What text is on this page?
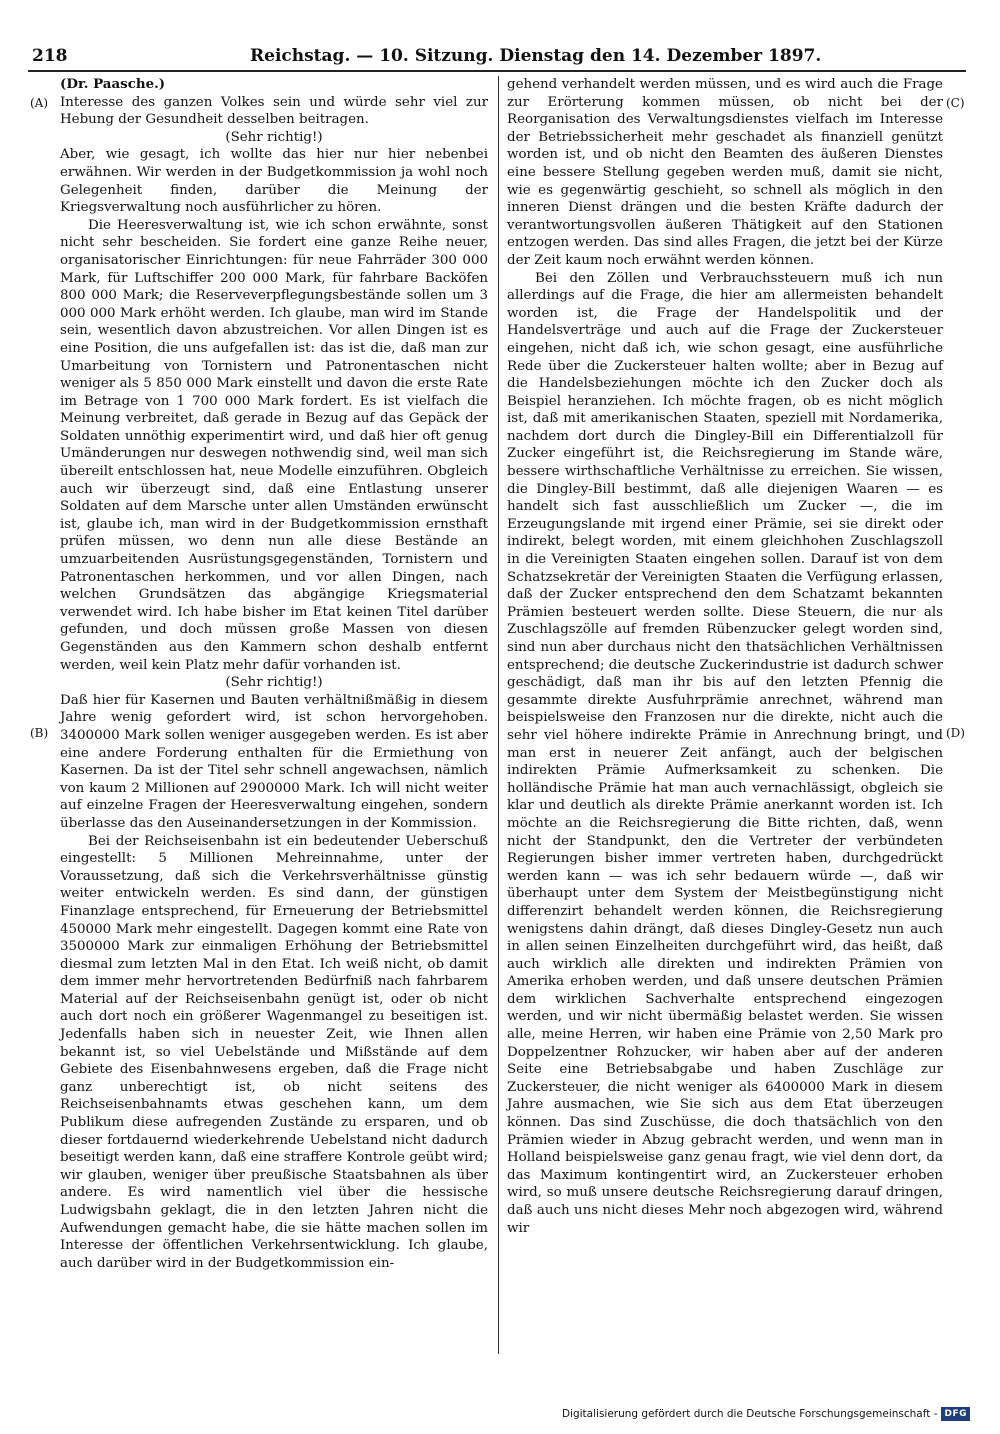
218	Reichstag. — 10. Sitzung. Dienstag den 14. Dezember 1897.
(A)
(B)
(C)
(D)

(Dr. Paasche.)

Interesse des ganzen Volkes sein und würde sehr viel zur Hebung der Gesundheit desselben beitragen.

(Sehr richtig!)

Aber, wie gesagt, ich wollte das hier nur hier nebenbei erwähnen. Wir werden in der Budgetkommission ja wohl noch Gelegenheit finden, darüber die Meinung der Kriegsverwaltung noch ausführlicher zu hören.

Die Heeresverwaltung ist, wie ich schon erwähnte, sonst nicht sehr bescheiden. Sie fordert eine ganze Reihe neuer, organisatorischer Einrichtungen: für neue Fahrräder 300 000 Mark, für Luftschiffer 200 000 Mark, für fahrbare Backöfen 800 000 Mark; die Reserveverpflegungsbestände sollen um 3 000 000 Mark erhöht werden. Ich glaube, man wird im Stande sein, wesentlich davon abzustreichen. Vor allen Dingen ist es eine Position, die uns aufgefallen ist: das ist die, daß man zur Umarbeitung von Tornistern und Patronentaschen nicht weniger als 5 850 000 Mark einstellt und davon die erste Rate im Betrage von 1 700 000 Mark fordert. Es ist vielfach die Meinung verbreitet, daß gerade in Bezug auf das Gepäck der Soldaten unnöthig experimentirt wird, und daß hier oft genug Umänderungen nur deswegen nothwendig sind, weil man sich übereilt entschlossen hat, neue Modelle einzuführen. Obgleich auch wir überzeugt sind, daß eine Entlastung unserer Soldaten auf dem Marsche unter allen Umständen erwünscht ist, glaube ich, man wird in der Budgetkommission ernsthaft prüfen müssen, wo denn nun alle diese Bestände an umzuarbeitenden Ausrüstungsgegenständen, Tornistern und Patronentaschen herkommen, und vor allen Dingen, nach welchen Grundsätzen das abgängige Kriegsmaterial verwendet wird. Ich habe bisher im Etat keinen Titel darüber gefunden, und doch müssen große Massen von diesen Gegenständen aus den Kammern schon deshalb entfernt werden, weil kein Platz mehr dafür vorhanden ist.

(Sehr richtig!)

Daß hier für Kasernen und Bauten verhältnißmäßig in diesem Jahre wenig gefordert wird, ist schon hervorgehoben. 3400000 Mark sollen weniger ausgegeben werden. Es ist aber eine andere Forderung enthalten für die Ermiethung von Kasernen. Da ist der Titel sehr schnell angewachsen, nämlich von kaum 2 Millionen auf 2900000 Mark. Ich will nicht weiter auf einzelne Fragen der Heeresverwaltung eingehen, sondern überlasse das den Auseinandersetzungen in der Kommission.

Bei der Reichseisenbahn ist ein bedeutender Ueberschuß eingestellt: 5 Millionen Mehreinnahme, unter der Voraussetzung, daß sich die Verkehrsverhältnisse günstig weiter entwickeln werden. Es sind dann, der günstigen Finanzlage entsprechend, für Erneuerung der Betriebsmittel 450000 Mark mehr eingestellt. Dagegen kommt eine Rate von 3500000 Mark zur einmaligen Erhöhung der Betriebsmittel diesmal zum letzten Mal in den Etat. Ich weiß nicht, ob damit dem immer mehr hervortretenden Bedürfniß nach fahrbarem Material auf der Reichseisenbahn genügt ist, oder ob nicht auch dort noch ein größerer Wagenmangel zu beseitigen ist. Jedenfalls haben sich in neuester Zeit, wie Ihnen allen bekannt ist, so viel Uebelstände und Mißstände auf dem Gebiete des Eisenbahnwesens ergeben, daß die Frage nicht ganz unberechtigt ist, ob nicht seitens des Reichseisenbahnamts etwas geschehen kann, um dem Publikum diese aufregenden Zustände zu ersparen, und ob dieser fortdauernd wiederkehrende Uebelstand nicht dadurch beseitigt werden kann, daß eine straffere Kontrole geübt wird; wir glauben, weniger über preußische Staatsbahnen als über andere. Es wird namentlich viel über die hessische Ludwigsbahn geklagt, die in den letzten Jahren nicht die Aufwendungen gemacht habe, die sie hätte machen sollen im Interesse der öffentlichen Verkehrsentwicklung. Ich glaube, auch darüber wird in der Budgetkommission ein-

gehend verhandelt werden müssen, und es wird auch die Frage zur Erörterung kommen müssen, ob nicht bei der Reorganisation des Verwaltungsdienstes vielfach im Interesse der Betriebssicherheit mehr geschadet als finanziell genützt worden ist, und ob nicht den Beamten des äußeren Dienstes eine bessere Stellung gegeben werden muß, damit sie nicht, wie es gegenwärtig geschieht, so schnell als möglich in den inneren Dienst drängen und die besten Kräfte dadurch der verantwortungsvollen äußeren Thätigkeit auf den Stationen entzogen werden. Das sind alles Fragen, die jetzt bei der Kürze der Zeit kaum noch erwähnt werden können.

Bei den Zöllen und Verbrauchssteuern muß ich nun allerdings auf die Frage, die hier am allermeisten behandelt worden ist, die Frage der Handelspolitik und der Handelsverträge und auch auf die Frage der Zuckersteuer eingehen, nicht daß ich, wie schon gesagt, eine ausführliche Rede über die Zuckersteuer halten wollte; aber in Bezug auf die Handelsbeziehungen möchte ich den Zucker doch als Beispiel heranziehen. Ich möchte fragen, ob es nicht möglich ist, daß mit amerikanischen Staaten, speziell mit Nordamerika, nachdem dort durch die Dingley-Bill ein Differentialzoll für Zucker eingeführt ist, die Reichsregierung im Stande wäre, bessere wirthschaftliche Verhältnisse zu erreichen. Sie wissen, die Dingley-Bill bestimmt, daß alle diejenigen Waaren — es handelt sich fast ausschließlich um Zucker —, die im Erzeugungslande mit irgend einer Prämie, sei sie direkt oder indirekt, belegt worden, mit einem gleichhohen Zuschlagszoll in die Vereinigten Staaten eingehen sollen. Darauf ist von dem Schatzsekretär der Vereinigten Staaten die Verfügung erlassen, daß der Zucker entsprechend den dem Schatzamt bekannten Prämien besteuert werden sollte. Diese Steuern, die nur als Zuschlagszölle auf fremden Rübenzucker gelegt worden sind, sind nun aber durchaus nicht den thatsächlichen Verhältnissen entsprechend; die deutsche Zuckerindustrie ist dadurch schwer geschädigt, daß man ihr bis auf den letzten Pfennig die gesammte direkte Ausfuhrprämie anrechnet, während man beispielsweise den Franzosen nur die direkte, nicht auch die sehr viel höhere indirekte Prämie in Anrechnung bringt, und man erst in neuerer Zeit anfängt, auch der belgischen indirekten Prämie Aufmerksamkeit zu schenken. Die holländische Prämie hat man auch vernachlässigt, obgleich sie klar und deutlich als direkte Prämie anerkannt worden ist. Ich möchte an die Reichsregierung die Bitte richten, daß, wenn nicht der Standpunkt, den die Vertreter der verbündeten Regierungen bisher immer vertreten haben, durchgedrückt werden kann — was ich sehr bedauern würde —, daß wir überhaupt unter dem System der Meistbegünstigung nicht differenzirt behandelt werden können, die Reichsregierung wenigstens dahin drängt, daß dieses Dingley-Gesetz nun auch in allen seinen Einzelheiten durchgeführt wird, das heißt, daß auch wirklich alle direkten und indirekten Prämien von Amerika erhoben werden, und daß unsere deutschen Prämien dem wirklichen Sachverhalte entsprechend eingezogen werden, und wir nicht übermäßig belastet werden. Sie wissen alle, meine Herren, wir haben eine Prämie von 2,50 Mark pro Doppelzentner Rohzucker, wir haben aber auf der anderen Seite eine Betriebsabgabe und haben Zuschläge zur Zuckersteuer, die nicht weniger als 6400000 Mark in diesem Jahre ausmachen, wie Sie sich aus dem Etat überzeugen können. Das sind Zuschüsse, die doch thatsächlich von den Prämien wieder in Abzug gebracht werden, und wenn man in Holland beispielsweise ganz genau fragt, wie viel denn dort, da das Maximum kontingentirt wird, an Zuckersteuer erhoben wird, so muß unsere deutsche Reichsregierung darauf dringen, daß auch uns nicht dieses Mehr noch abgezogen wird, während wir

Digitalisierung gefördert durch die Deutsche Forschungsgemeinschaft - DFG
